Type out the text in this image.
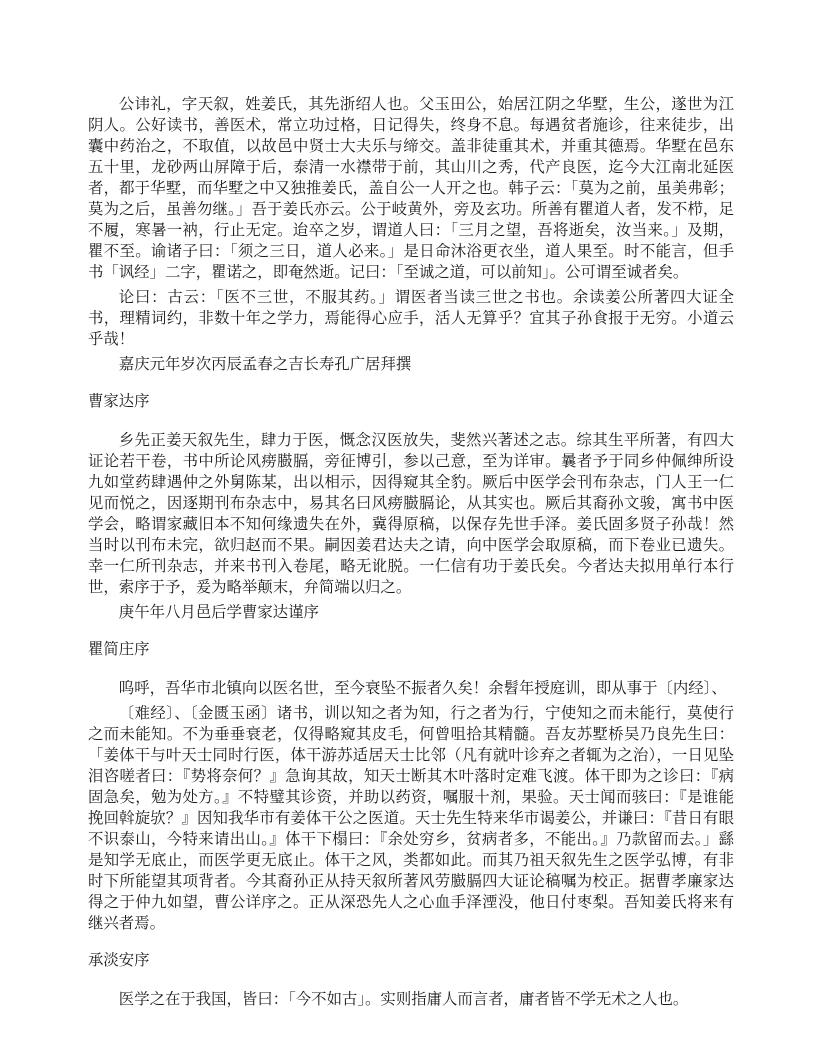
公讳礼，字天叙，姓姜氏，其先浙绍人也。父玉田公，始居江阴之华墅，生公，遂世为江阴人。公好读书，善医术，常立功过格，日记得失，终身不息。每遇贫者施诊，往来徒步，出囊中药治之，不取值，以故邑中贤士大夫乐与缔交。盖非徒重其术，并重其德焉。华墅在邑东五十里，龙砂两山屏障于后，泰清一水襟带于前，其山川之秀，代产良医，迄今大江南北延医者，都于华墅，而华墅之中又独推姜氏，盖自公一人开之也。韩子云：「莫为之前，虽美弗彰；莫为之后，虽善勿继。」吾于姜氏亦云。公于岐黄外，旁及玄功。所善有瞿道人者，发不栉，足不履，寒暑一衲，行止无定。迨卒之岁，谓道人曰：「三月之望，吾将逝矣，汝当来。」及期，瞿不至。谕诸子曰：「须之三日，道人必来。」是日命沐浴更衣坐，道人果至。时不能言，但手书「讽经」二字，瞿诺之，即奄然逝。记曰：「至诚之道，可以前知」。公可谓至诚者矣。

论曰：古云：「医不三世，不服其药。」谓医者当读三世之书也。余读姜公所著四大证全书，理精词约，非数十年之学力，焉能得心应手，活人无算乎？宜其子孙食报于无穷。小道云乎哉！

嘉庆元年岁次丙辰孟春之吉长寿孔广居拜撰

曹家达序

乡先正姜天叙先生，肆力于医，慨念汉医放失，斐然兴著述之志。综其生平所著，有四大证论若干卷，书中所论风痨臌膈，旁征博引，参以己意，至为详审。曩者予于同乡仲佩绅所设九如堂药肆遇仲之外舅陈某，出以相示，因得窥其全豹。厥后中医学会刊布杂志，门人王一仁见而悦之，因逐期刊布杂志中，易其名曰风痨臌膈论，从其实也。厥后其裔孙文骏，寓书中医学会，略谓家藏旧本不知何缘遗失在外，冀得原稿，以保存先世手泽。姜氏固多贤子孙哉！然当时以刊布未完，欲归赵而不果。嗣因姜君达夫之请，向中医学会取原稿，而下卷业已遗失。幸一仁所刊杂志，并来书刊入卷尾，略无讹脱。一仁信有功于姜氏矣。今者达夫拟用单行本行世，索序于予，爰为略举颠末，弁简端以归之。

庚午年八月邑后学曹家达谨序

瞿简庄序

呜呼，吾华市北镇向以医名世，至今衰坠不振者久矣！余髫年授庭训，即从事于〔内经〕、

〔难经〕、〔金匮玉函〕诸书，训以知之者为知，行之者为行，宁使知之而未能行，莫使行之而未能知。不为垂垂衰老，仅得略窥其皮毛，何曾咀拾其精髓。吾友苏墅桥吴乃良先生曰：「姜体干与叶天士同时行医，体干游苏适居天士比邻（凡有就叶诊弃之者辄为之治），一日见坠泪咨嗟者曰：『势将奈何？』急询其故，知天士断其木叶落时定难飞渡。体干即为之诊曰：『病固急矣，勉为处方。』不特璧其诊资，并助以药资，嘱服十剂，果验。天士闻而骇曰：『是谁能挽回斡旋欤？』因知我华市有姜体干公之医道。天士先生特来华市谒姜公，并谦曰：『昔日有眼不识泰山，今特来请出山。』体干下榻曰：『余处穷乡，贫病者多，不能出。』乃款留而去。」繇是知学无底止，而医学更无底止。体干之风，类都如此。而其乃祖天叙先生之医学弘博，有非时下所能望其项背者。今其裔孙正从持天叙所著风劳臌膈四大证论稿嘱为校正。据曹孝廉家达得之于仲九如望，曹公详序之。正从深恐先人之心血手泽湮没，他日付枣梨。吾知姜氏将来有继兴者焉。

承淡安序

医学之在于我国，皆曰：「今不如古」。实则指庸人而言者，庸者皆不学无术之人也。
